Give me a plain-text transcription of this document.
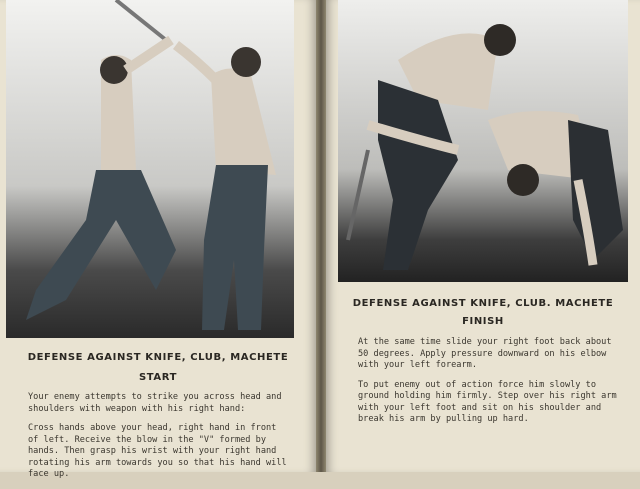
DEFENSE AGAINST KNIFE, CLUB, MACHETE
START

Your enemy attempts to strike you across head and shoulders with weapon with his right hand:

Cross hands above your head, right hand in front of left. Receive the blow in the "V" formed by hands. Then grasp his wrist with your right hand rotating his arm towards you so that his hand will face up.

DEFENSE AGAINST KNIFE, CLUB. MACHETE
FINISH

At the same time slide your right foot back about 50 degrees. Apply pressure downward on his elbow with your left forearm.

To put enemy out of action force him slowly to ground holding him firmly. Step over his right arm with your left foot and sit on his shoulder and break his arm by pulling up hard.
